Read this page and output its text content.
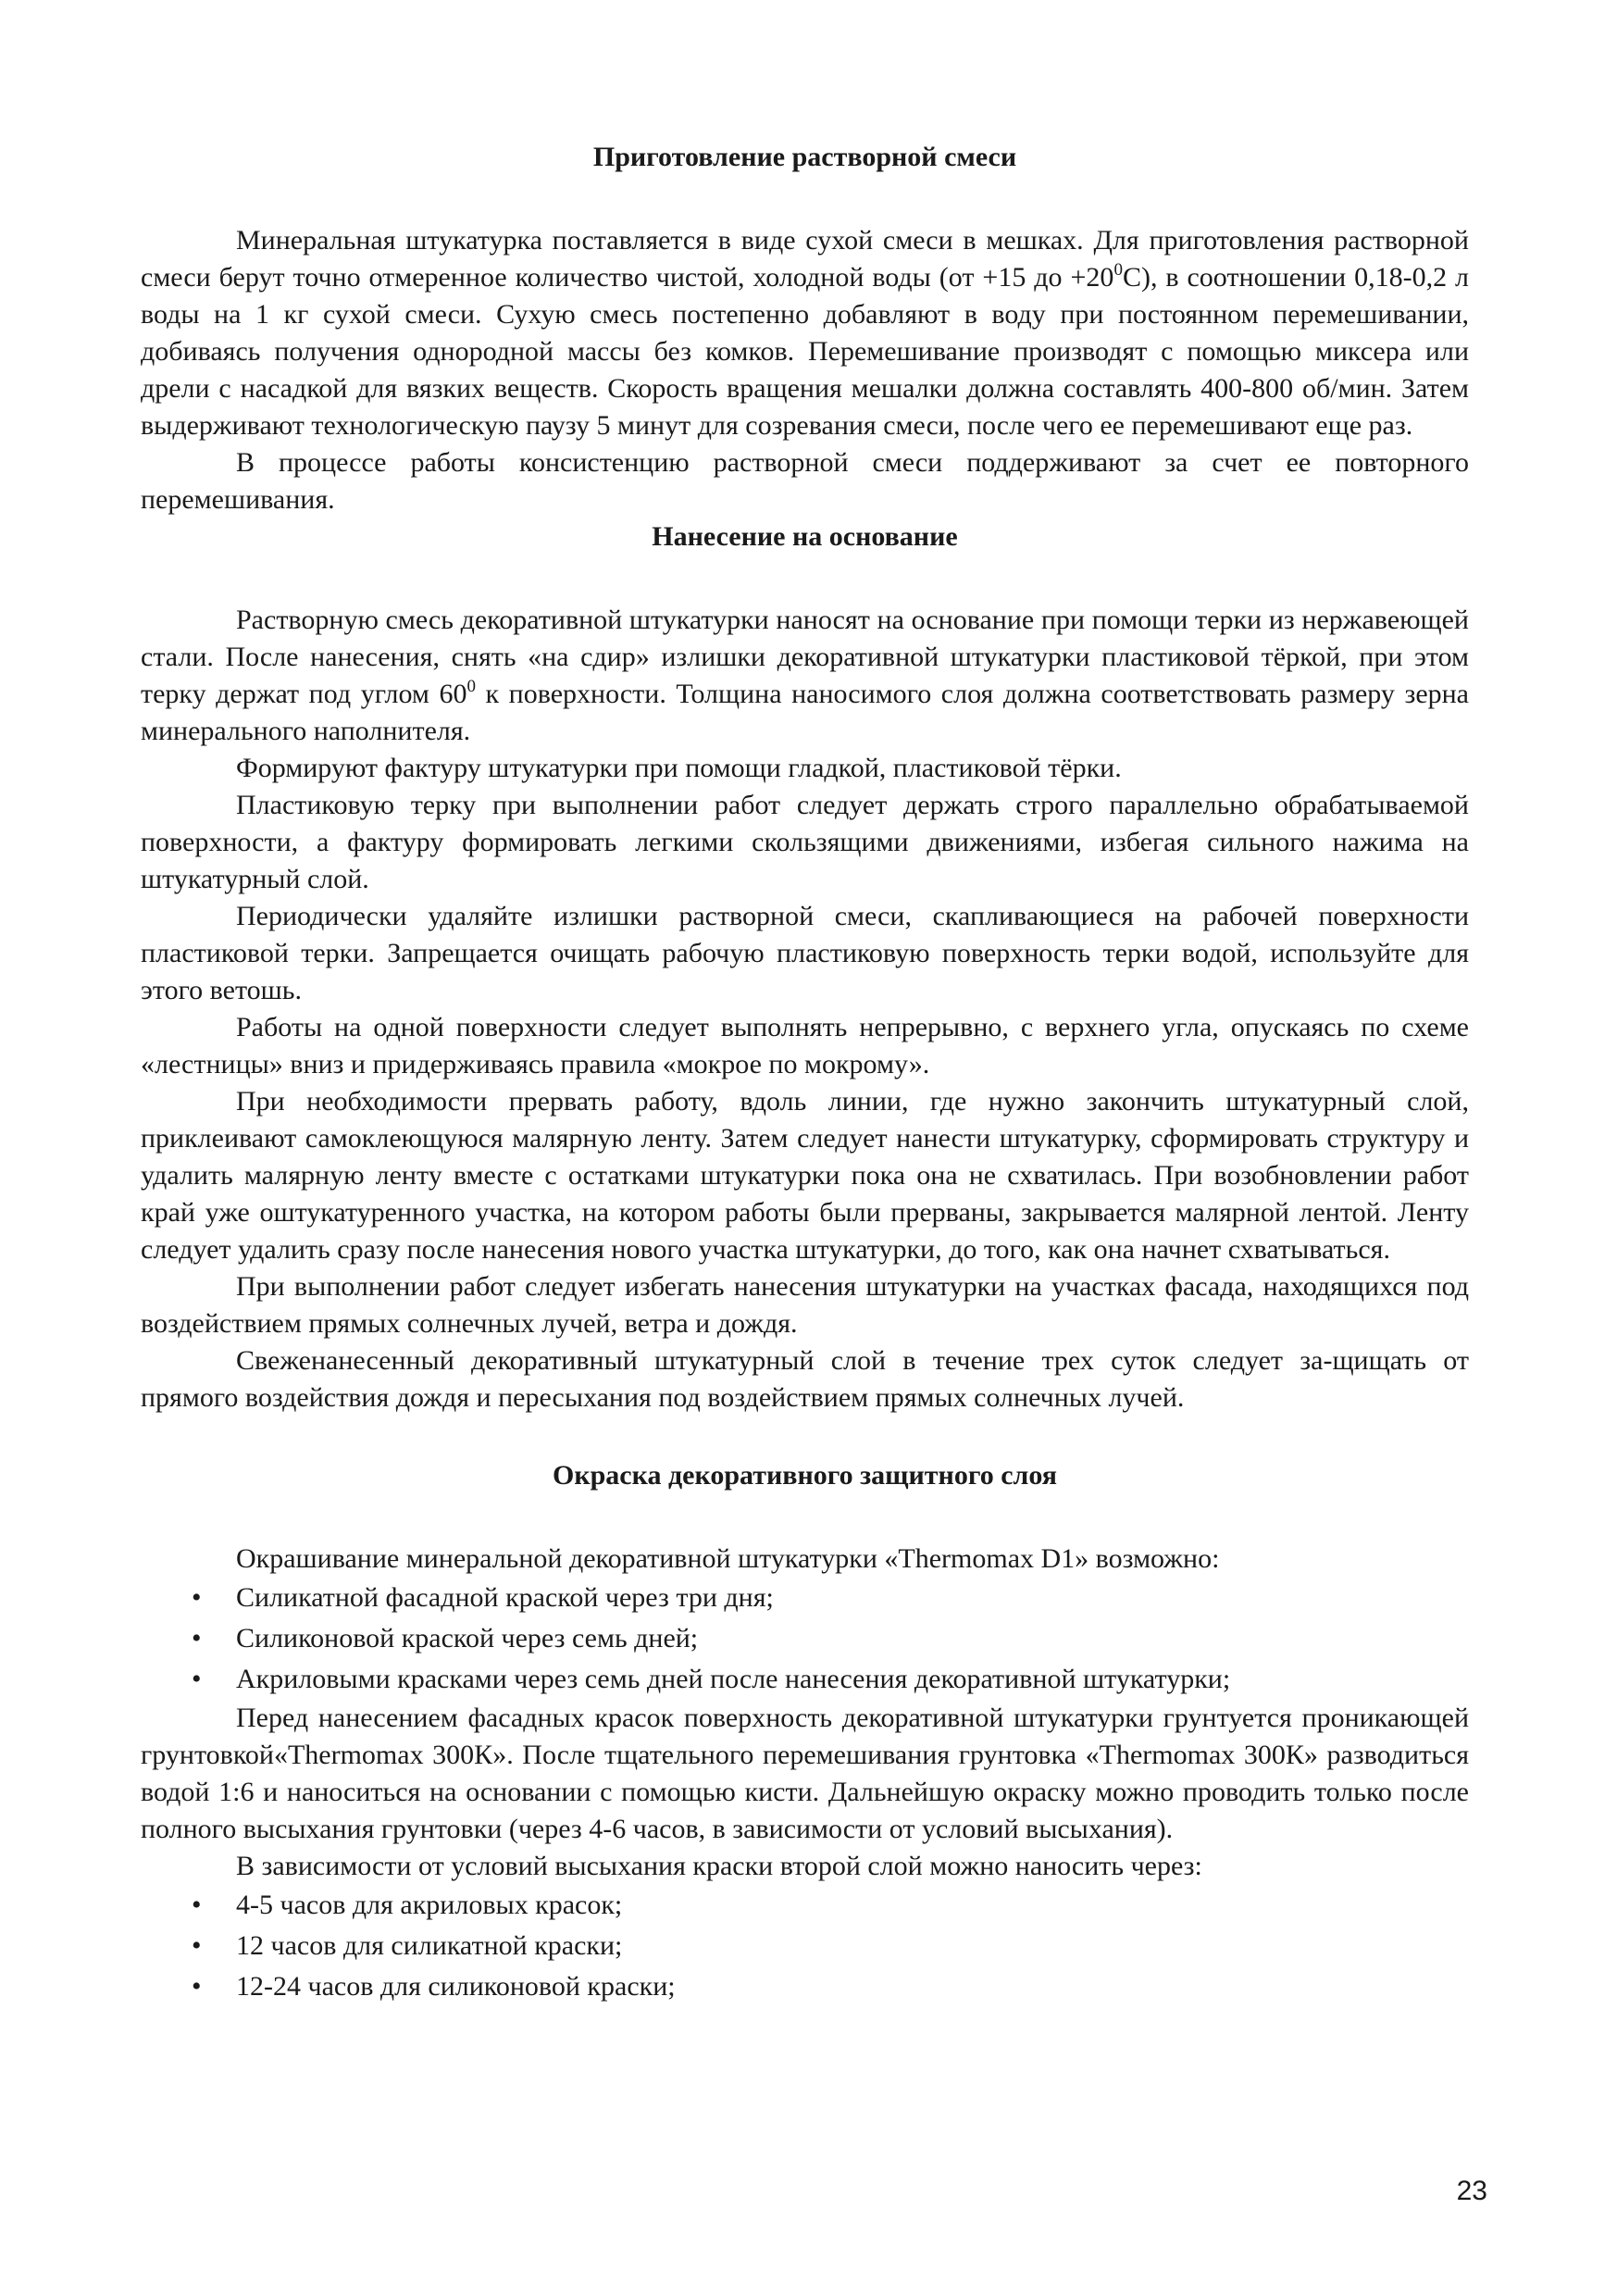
Приготовление растворной смеси

Минеральная штукатурка поставляется в виде сухой смеси в мешках. Для приготовления растворной смеси берут точно отмеренное количество чистой, холодной воды (от +15 до $+20^0С$), в соотношении 0,18-0,2 л воды на 1 кг сухой смеси. Сухую смесь постепенно добавляют в воду при постоянном перемешивании, добиваясь получения однородной массы без комков. Перемешивание производят с помощью миксера или дрели с насадкой для вязких веществ. Скорость вращения мешалки должна составлять 400-800 об/мин. Затем выдерживают технологическую паузу 5 минут для созревания смеси, после чего ее перемешивают еще раз.

В процессе работы консистенцию растворной смеси поддерживают за счет ее повторного перемешивания.

Нанесение на основание

Растворную смесь декоративной штукатурки наносят на основание при помощи терки из нержавеющей стали. После нанесения, снять «на сдир» излишки декоративной штукатурки пластиковой тёркой, при этом терку держат под углом $60^0$ к поверхности. Толщина наносимого слоя должна соответствовать размеру зерна минерального наполнителя.

Формируют фактуру штукатурки при помощи гладкой, пластиковой тёрки.

Пластиковую терку при выполнении работ следует держать строго параллельно обрабатываемой поверхности, а фактуру формировать легкими скользящими движениями, избегая сильного нажима на штукатурный слой.

Периодически удаляйте излишки растворной смеси, скапливающиеся на рабочей поверхности пластиковой терки. Запрещается очищать рабочую пластиковую поверхность терки водой, используйте для этого ветошь.

Работы на одной поверхности следует выполнять непрерывно, с верхнего угла, опускаясь по схеме «лестницы» вниз и придерживаясь правила «мокрое по мокрому».

При необходимости прервать работу, вдоль линии, где нужно закончить штукатурный слой, приклеивают самоклеющуюся малярную ленту. Затем следует нанести штукатурку, сформировать структуру и удалить малярную ленту вместе с остатками штукатурки пока она не схватилась. При возобновлении работ край уже оштукатуренного участка, на котором работы были прерваны, закрывается малярной лентой. Ленту следует удалить сразу после нанесения нового участка штукатурки, до того, как она начнет схватываться.

При выполнении работ следует избегать нанесения штукатурки на участках фасада, находящихся под воздействием прямых солнечных лучей, ветра и дождя.

Свеженанесенный декоративный штукатурный слой в течение трех суток следует за-щищать от прямого воздействия дождя и пересыхания под воздействием прямых солнечных лучей.

Окраска декоративного защитного слоя

Окрашивание минеральной декоративной штукатурки «Thermomax D1» возможно:

• Силикатной фасадной краской через три дня;
• Силиконовой краской через семь дней;
• Акриловыми красками через семь дней после нанесения декоративной штукатурки;

Перед нанесением фасадных красок поверхность декоративной штукатурки грунтуется проникающей грунтовкой«Thermomax 300К». После тщательного перемешивания грунтовка «Thermomax 300К» разводиться водой 1:6 и наноситься на основании с помощью кисти. Дальнейшую окраску можно проводить только после полного высыхания грунтовки (через 4-6 часов, в зависимости от условий высыхания).

В зависимости от условий высыхания краски второй слой можно наносить через:

• 4-5 часов для акриловых красок;
• 12 часов для силикатной краски;
• 12-24 часов для силиконовой краски;
23
